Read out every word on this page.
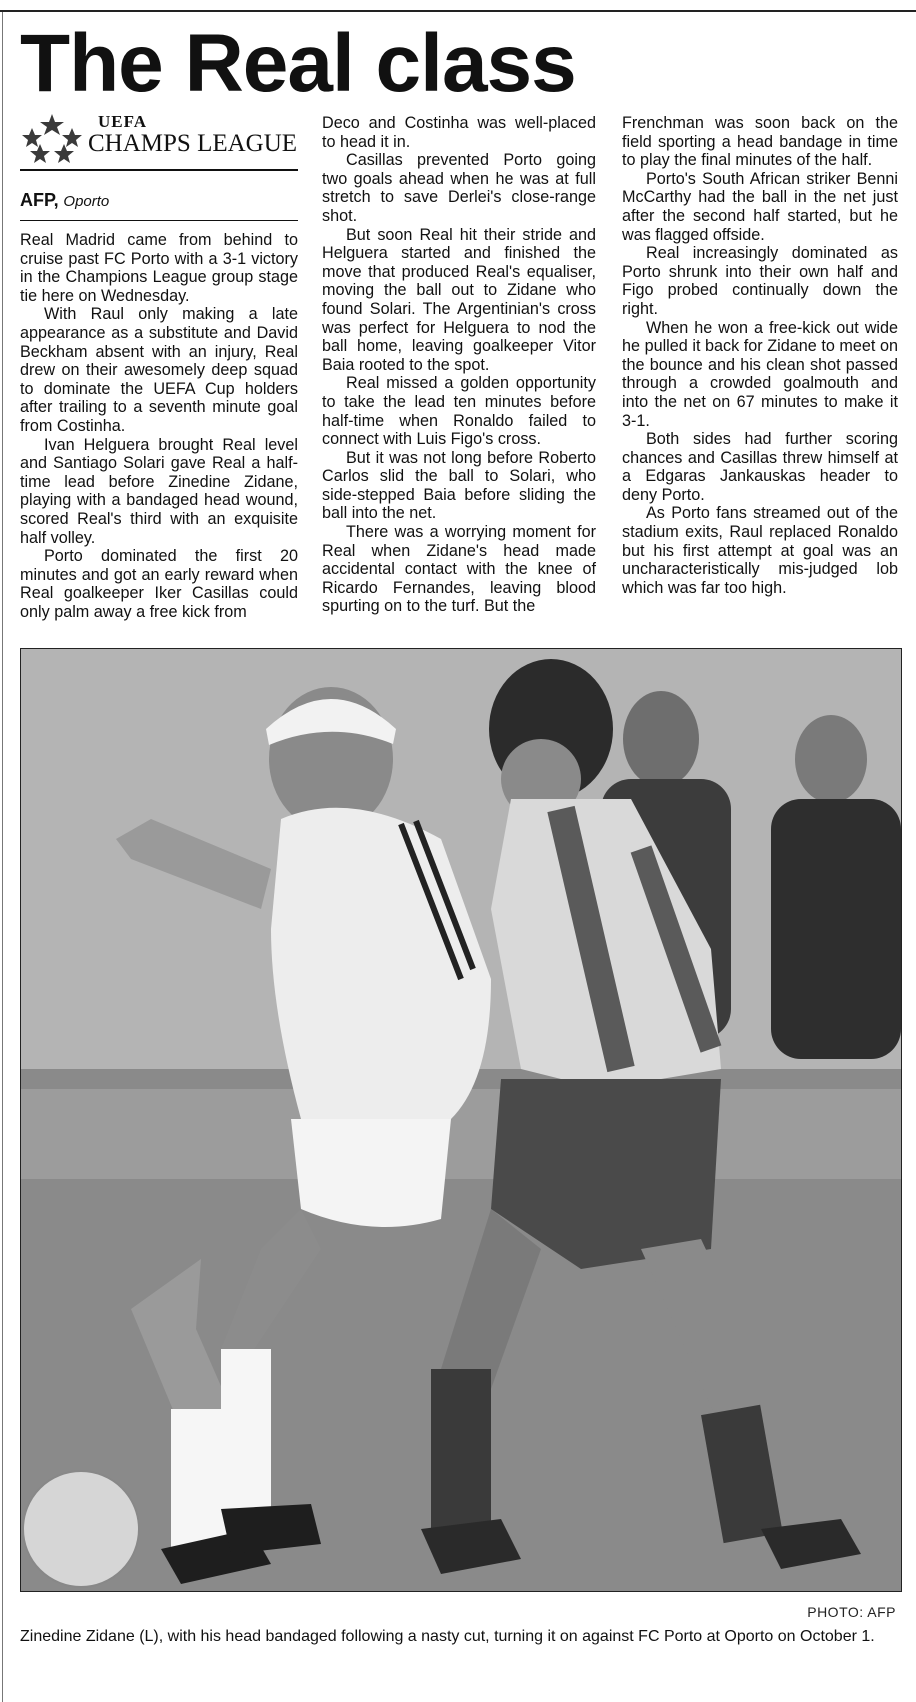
The Real class
UEFA
CHAMPS LEAGUE
AFP, Oporto

Real Madrid came from behind to cruise past FC Porto with a 3-1 victory in the Champions League group stage tie here on Wednesday.

With Raul only making a late appearance as a substitute and David Beckham absent with an injury, Real drew on their awesomely deep squad to dominate the UEFA Cup holders after trailing to a seventh minute goal from Costinha.

Ivan Helguera brought Real level and Santiago Solari gave Real a half-time lead before Zinedine Zidane, playing with a bandaged head wound, scored Real's third with an exquisite half volley.

Porto dominated the first 20 minutes and got an early reward when Real goalkeeper Iker Casillas could only palm away a free kick from

Deco and Costinha was well-placed to head it in.

Casillas prevented Porto going two goals ahead when he was at full stretch to save Derlei's close-range shot.

But soon Real hit their stride and Helguera started and finished the move that produced Real's equaliser, moving the ball out to Zidane who found Solari. The Argentinian's cross was perfect for Helguera to nod the ball home, leaving goalkeeper Vitor Baia rooted to the spot.

Real missed a golden opportunity to take the lead ten minutes before half-time when Ronaldo failed to connect with Luis Figo's cross.

But it was not long before Roberto Carlos slid the ball to Solari, who side-stepped Baia before sliding the ball into the net.

There was a worrying moment for Real when Zidane's head made accidental contact with the knee of Ricardo Fernandes, leaving blood spurting on to the turf. But the

Frenchman was soon back on the field sporting a head bandage in time to play the final minutes of the half.

Porto's South African striker Benni McCarthy had the ball in the net just after the second half started, but he was flagged offside.

Real increasingly dominated as Porto shrunk into their own half and Figo probed continually down the right.

When he won a free-kick out wide he pulled it back for Zidane to meet on the bounce and his clean shot passed through a crowded goalmouth and into the net on 67 minutes to make it 3-1.

Both sides had further scoring chances and Casillas threw himself at a Edgaras Jankauskas header to deny Porto.

As Porto fans streamed out of the stadium exits, Raul replaced Ronaldo but his first attempt at goal was an uncharacteristically mis-judged lob which was far too high.

PHOTO: AFP
Zinedine Zidane (L), with his head bandaged following a nasty cut, turning it on against FC Porto at Oporto on October 1.
